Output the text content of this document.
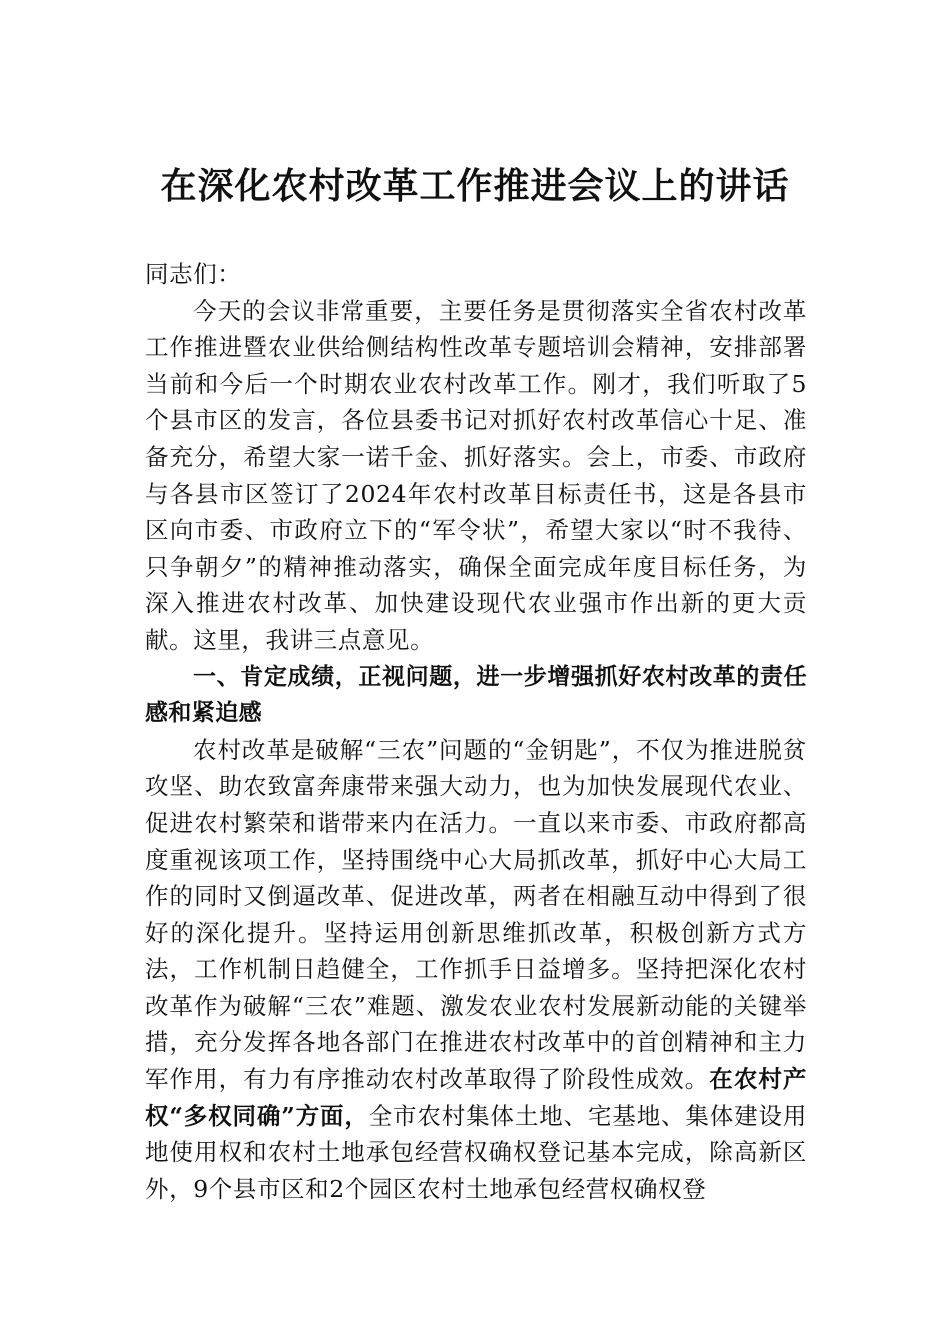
在深化农村改革工作推进会议上的讲话

同志们：

今天的会议非常重要，主要任务是贯彻落实全省农村改革工作推进暨农业供给侧结构性改革专题培训会精神，安排部署当前和今后一个时期农业农村改革工作。刚才，我们听取了5个县市区的发言，各位县委书记对抓好农村改革信心十足、准备充分，希望大家一诺千金、抓好落实。会上，市委、市政府与各县市区签订了2024年农村改革目标责任书，这是各县市区向市委、市政府立下的“军令状”，希望大家以“时不我待、只争朝夕”的精神推动落实，确保全面完成年度目标任务，为深入推进农村改革、加快建设现代农业强市作出新的更大贡献。这里，我讲三点意见。

一、肯定成绩，正视问题，进一步增强抓好农村改革的责任感和紧迫感

农村改革是破解“三农”问题的“金钥匙”，不仅为推进脱贫攻坚、助农致富奔康带来强大动力，也为加快发展现代农业、促进农村繁荣和谐带来内在活力。一直以来市委、市政府都高度重视该项工作，坚持围绕中心大局抓改革，抓好中心大局工作的同时又倒逼改革、促进改革，两者在相融互动中得到了很好的深化提升。坚持运用创新思维抓改革，积极创新方式方法，工作机制日趋健全，工作抓手日益增多。坚持把深化农村改革作为破解“三农”难题、激发农业农村发展新动能的关键举措，充分发挥各地各部门在推进农村改革中的首创精神和主力军作用，有力有序推动农村改革取得了阶段性成效。在农村产权“多权同确”方面，全市农村集体土地、宅基地、集体建设用地使用权和农村土地承包经营权确权登记基本完成，除高新区外，9个县市区和2个园区农村土地承包经营权确权登
